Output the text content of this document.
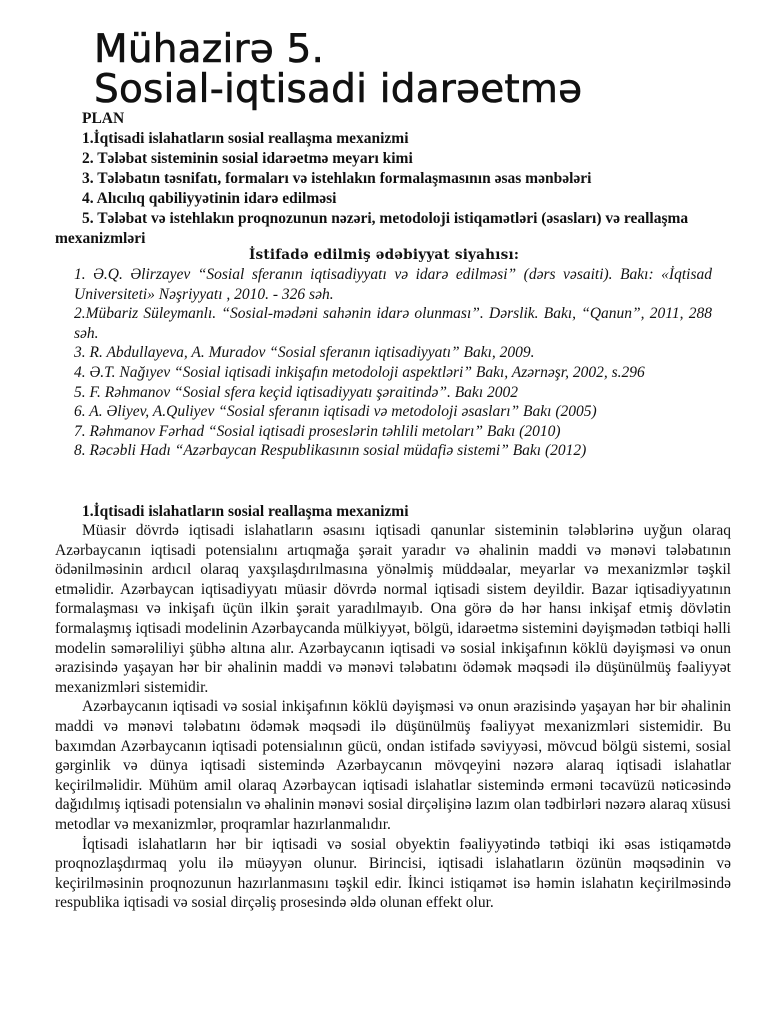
Mühazirə 5.
Sosial-iqtisadi idarəetmə
PLAN
1.İqtisadi islahatların sosial reallaşma mexanizmi
2. Tələbat sisteminin sosial idarəetmə meyarı kimi
3. Tələbatın təsnifatı, formaları və istehlakın formalaşmasının əsas mənbələri
4. Alıcılıq qabiliyyətinin idarə edilməsi
5. Tələbat və istehlakın proqnozunun nəzəri, metodoloji istiqamətləri (əsasları) və reallaşma mexanizmləri
İstifadə edilmiş ədəbiyyat siyahısı:

1. Ə.Q. Əlirzayev “Sosial sferanın iqtisadiyyatı və idarə edilməsi” (dərs vəsaiti). Bakı: «İqtisad Universiteti» Nəşriyyatı , 2010. - 326 səh.

2.Mübariz Süleymanlı. “Sosial-mədəni sahənin idarə olunması”. Dərslik. Bakı, “Qanun”, 2011, 288 səh.

3. R. Abdullayeva, A. Muradov “Sosial sferanın iqtisadiyyatı” Bakı, 2009.

4. Ə.T. Nağıyev “Sosial iqtisadi inkişafın metodoloji aspektləri” Bakı, Azərnəşr, 2002, s.296

5. F. Rəhmanov “Sosial sfera keçid iqtisadiyyatı şəraitində”. Bakı 2002

6. A. Əliyev, A.Quliyev “Sosial sferanın iqtisadi və metodoloji əsasları” Bakı (2005)

7. Rəhmanov Fərhad “Sosial iqtisadi proseslərin təhlili metoları” Bakı (2010)

8. Rəcəbli Hadı “Azərbaycan Respublikasının sosial müdafiə sistemi” Bakı (2012)

1.İqtisadi islahatların sosial reallaşma mexanizmi

Müasir dövrdə iqtisadi islahatların əsasını iqtisadi qanunlar sisteminin tələblərinə uyğun olaraq Azərbaycanın iqtisadi potensialını artıqmağa şərait yaradır və əhalinin maddi və mənəvi tələbatının ödənilməsinin ardıcıl olaraq yaxşılaşdırılmasına yönəlmiş müddəalar, meyarlar və mexanizmlər təşkil etməlidir. Azərbaycan iqtisadiyyatı müasir dövrdə normal iqtisadi sistem deyildir. Bazar iqtisadiyyatının formalaşması və inkişafı üçün ilkin şərait yaradılmayıb. Ona görə də hər hansı inkişaf etmiş dövlətin formalaşmış iqtisadi modelinin Azərbaycanda mülkiyyət, bölgü, idarəetmə sistemini dəyişmədən tətbiqi həlli modelin səmərəliliyi şübhə altına alır. Azərbaycanın iqtisadi və sosial inkişafının köklü dəyişməsi və onun ərazisində yaşayan hər bir əhalinin maddi və mənəvi tələbatını ödəmək məqsədi ilə düşünülmüş fəaliyyət mexanizmləri sistemidir.

Azərbaycanın iqtisadi və sosial inkişafının köklü dəyişməsi və onun ərazisində yaşayan hər bir əhalinin maddi və mənəvi tələbatını ödəmək məqsədi ilə düşünülmüş fəaliyyət mexanizmləri sistemidir. Bu baxımdan Azərbaycanın iqtisadi potensialının gücü, ondan istifadə səviyyəsi, mövcud bölgü sistemi, sosial gərginlik və dünya iqtisadi sistemində Azərbaycanın mövqeyini nəzərə alaraq iqtisadi islahatlar keçirilməlidir. Mühüm amil olaraq Azərbaycan iqtisadi islahatlar sistemində erməni təcavüzü nəticəsində dağıdılmış iqtisadi potensialın və əhalinin mənəvi sosial dirçəlişinə lazım olan tədbirləri nəzərə alaraq xüsusi metodlar və mexanizmlər, proqramlar hazırlanmalıdır.

İqtisadi islahatların hər bir iqtisadi və sosial obyektin fəaliyyətində tətbiqi iki əsas istiqamətdə proqnozlaşdırmaq yolu ilə müəyyən olunur. Birincisi, iqtisadi islahatların özünün məqsədinin və keçirilməsinin proqnozunun hazırlanmasını təşkil edir. İkinci istiqamət isə həmin islahatın keçirilməsində respublika iqtisadi və sosial dirçəliş prosesində əldə olunan effekt olur.
